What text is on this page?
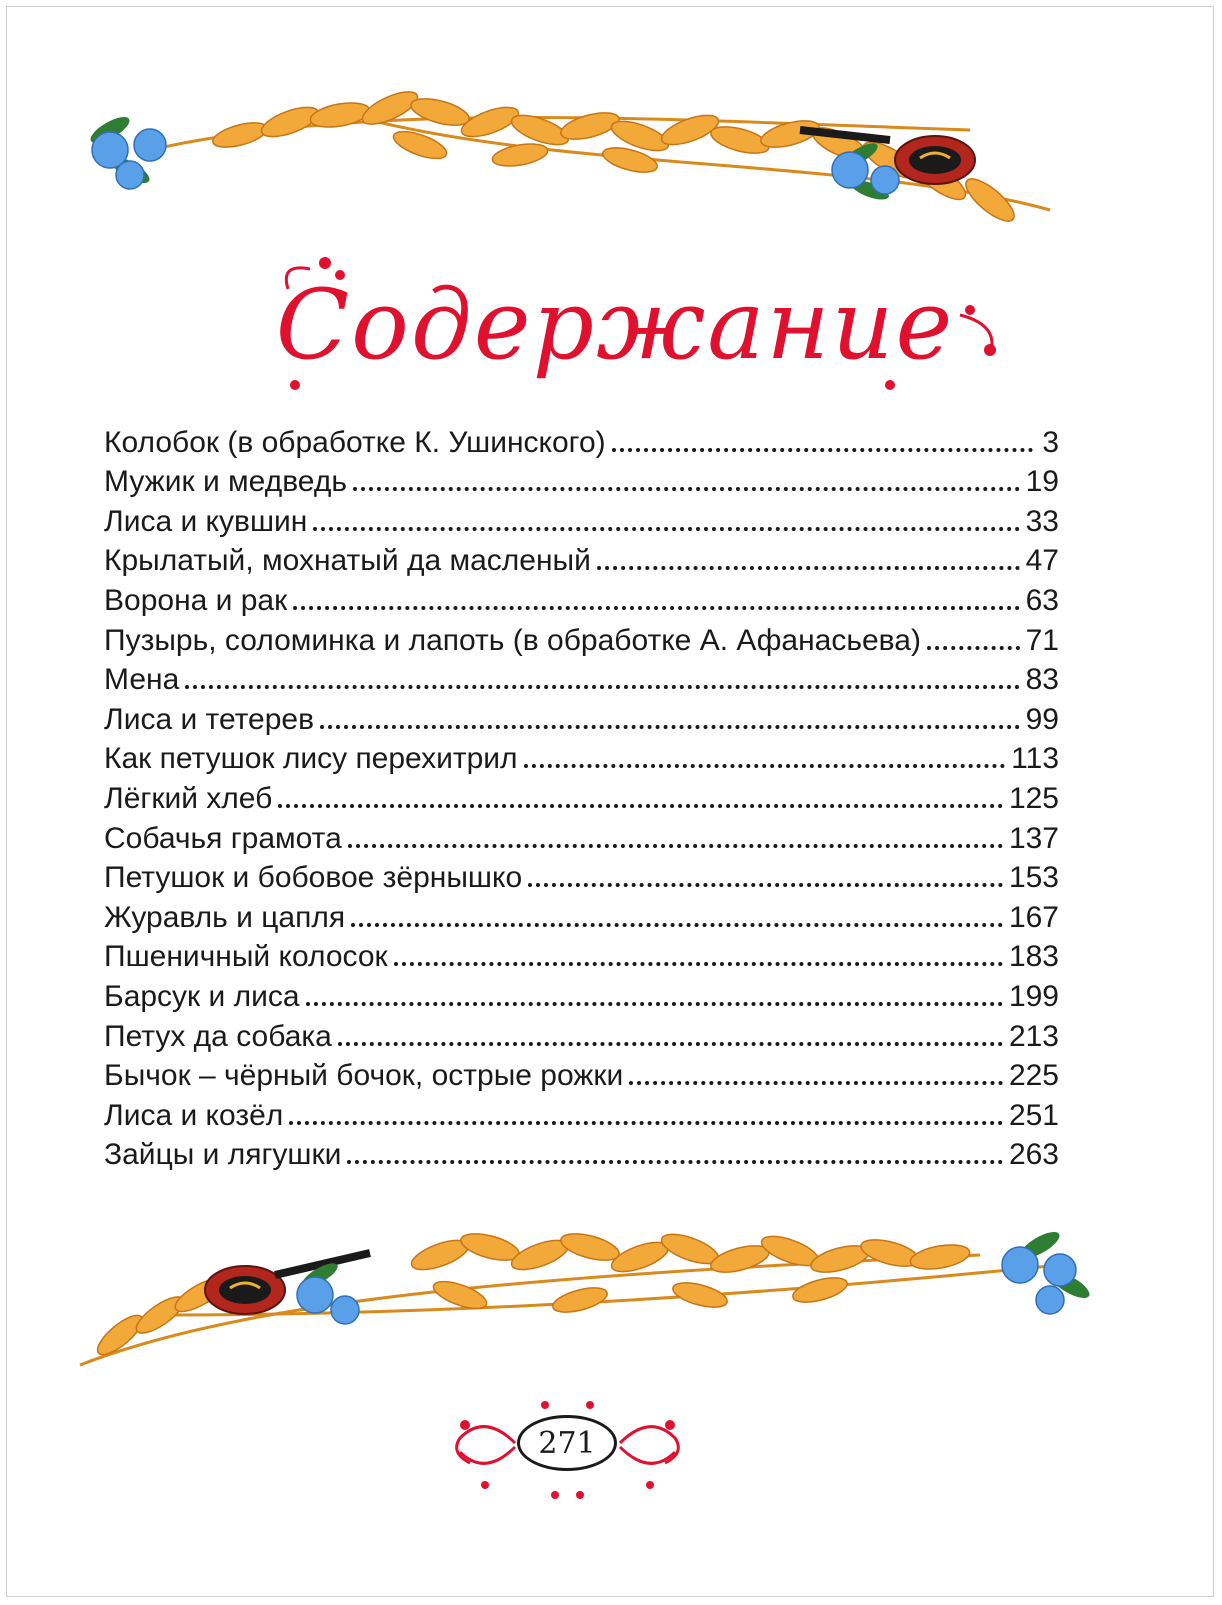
Содержание
Колобок (в обработке К. Ушинского)	3
Мужик и медведь	19
Лиса и кувшин	33
Крылатый, мохнатый да масленый	47
Ворона и рак	63
Пузырь, соломинка и лапоть (в обработке А. Афанасьева)	71
Мена	83
Лиса и тетерев	99
Как петушок лису перехитрил	113
Лёгкий хлеб	125
Собачья грамота	137
Петушок и бобовое зёрнышко	153
Журавль и цапля	167
Пшеничный колосок	183
Барсук и лиса	199
Петух да собака	213
Бычок – чёрный бочок, острые рожки	225
Лиса и козёл	251
Зайцы и лягушки	263
271
